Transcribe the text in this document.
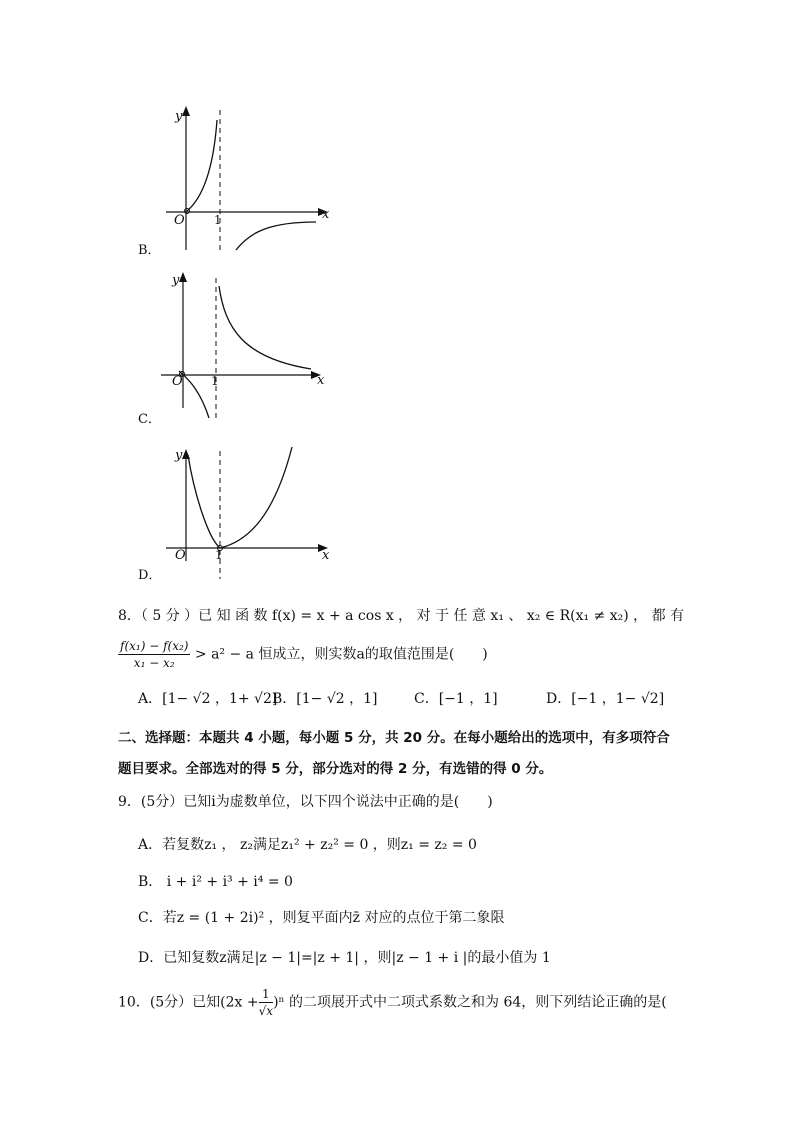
y
x
O 1
B．
y
x
O 1
C．
y
x
O 1
D．
8．（ 5 分 ）已 知 函 数 f(x) = x + a cos x ， 对 于 任 意 x₁ 、 x₂ ∈ R(x₁ ≠ x₂) ， 都 有
$\frac{\text{f(x₁) − f(x₂)}}{\text{x₁ − x₂}} > a^2 - a$ 恒成立，则实数a的取值范围是(　　)
A．[1− √2 ，1+ √2]
B．[1− √2 ，1]	C．[−1 ，1]	D．[−1 ，1− √2]
二、选择题：本题共 4 小题，每小题 5 分，共 20 分。在每小题给出的选项中，有多项符合
题目要求。全部选对的得 5 分，部分选对的得 2 分，有选错的得 0 分。
9．(5分）已知i为虚数单位，以下四个说法中正确的是(　　)
A．若复数z₁ ， z₂满足z₁² + z₂² = 0 ，则z₁ = z₂ = 0
B． i + i² + i³ + i⁴ = 0
C．若z = (1 + 2i)² ，则复平面内z̄ 对应的点位于第二象限
D．已知复数z满足|z − 1|=|z + 1| ，则|z − 1 + i |的最小值为 1
10．(5分）已知$(2x + \frac{1}{√x} )^n$ 的二项展开式中二项式系数之和为 64，则下列结论正确的是(
